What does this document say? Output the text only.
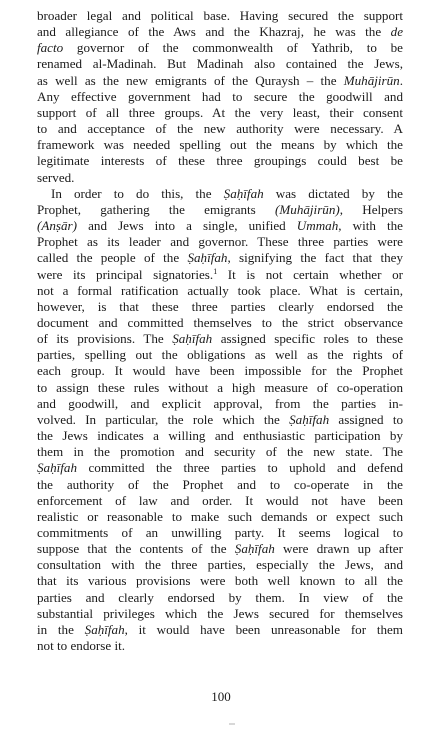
broader legal and political base. Having secured the support
and allegiance of the Aws and the Khazraj, he was the de
facto governor of the commonwealth of Yathrib, to be
renamed al-Madinah. But Madinah also contained the Jews,
as well as the new emigrants of the Quraysh – the Muhājirūn.
Any effective government had to secure the goodwill and
support of all three groups. At the very least, their consent
to and acceptance of the new authority were necessary. A
framework was needed spelling out the means by which the
legitimate interests of these three groupings could best be
served.
In order to do this, the Ṣaḥīfah was dictated by the
Prophet, gathering the emigrants (Muhājirūn), Helpers
(Anṣār) and Jews into a single, unified Ummah, with the
Prophet as its leader and governor. These three parties were
called the people of the Ṣaḥīfah, signifying the fact that they
were its principal signatories.$^1$ It is not certain whether or
not a formal ratification actually took place. What is certain,
however, is that these three parties clearly endorsed the
document and committed themselves to the strict observance
of its provisions. The Ṣaḥīfah assigned specific roles to these
parties, spelling out the obligations as well as the rights of
each group. It would have been impossible for the Prophet
to assign these rules without a high measure of co-operation
and goodwill, and explicit approval, from the parties in-
volved. In particular, the role which the Ṣaḥīfah assigned to
the Jews indicates a willing and enthusiastic participation by
them in the promotion and security of the new state. The
Ṣaḥīfah committed the three parties to uphold and defend
the authority of the Prophet and to co-operate in the
enforcement of law and order. It would not have been
realistic or reasonable to make such demands or expect such
commitments of an unwilling party. It seems logical to
suppose that the contents of the Ṣaḥīfah were drawn up after
consultation with the three parties, especially the Jews, and
that its various provisions were both well known to all the
parties and clearly endorsed by them. In view of the
substantial privileges which the Jews secured for themselves
in the Ṣaḥīfah, it would have been unreasonable for them
not to endorse it.
100
